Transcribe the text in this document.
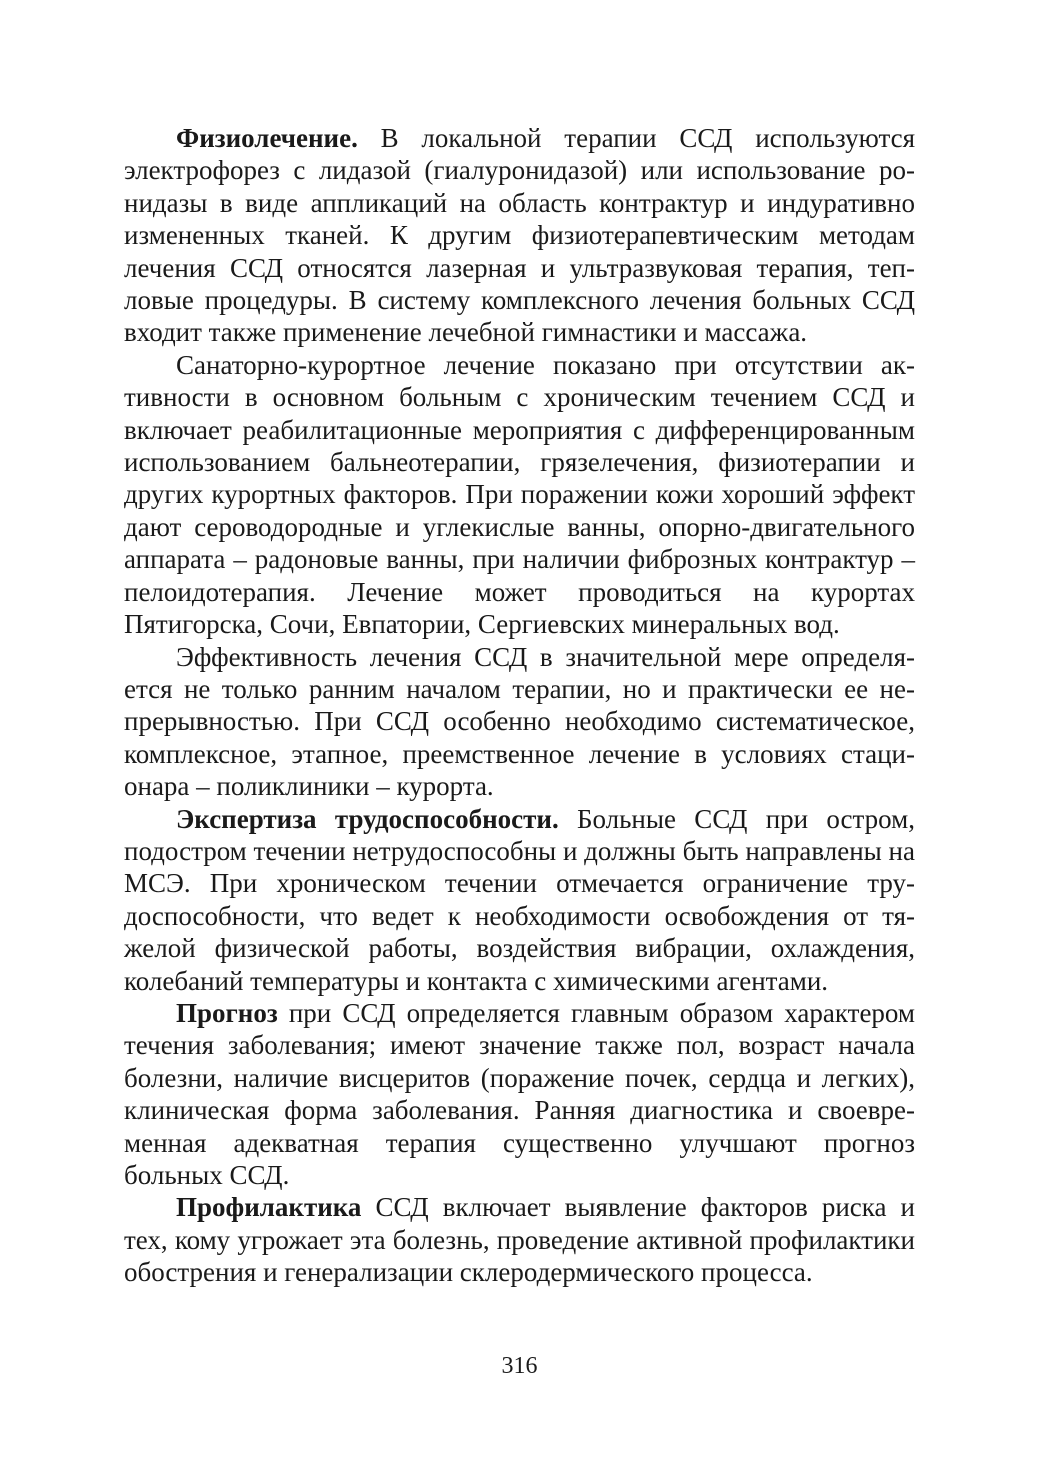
Физиолечение. В локальной терапии ССД используются электрофорез с лидазой (гиалуронидазой) или использование ронидазы в виде аппликаций на область контрактур и индуративно измененных тканей. К другим физиотерапевтическим методам лечения ССД относятся лазерная и ультразвуковая терапия, тепловые процедуры. В систему комплексного лечения больных ССД входит также применение лечебной гимнастики и массажа.

Санаторно-курортное лечение показано при отсутствии активности в основном больным с хроническим течением ССД и включает реабилитационные мероприятия с дифференцированным использованием бальнеотерапии, грязелечения, физиотерапии и других курортных факторов. При поражении кожи хороший эффект дают сероводородные и углекислые ванны, опорно-двигательного аппарата – радоновые ванны, при наличии фиброзных контрактур – пелоидотерапия. Лечение может проводиться на курортах Пятигорска, Сочи, Евпатории, Сергиевских минеральных вод.

Эффективность лечения ССД в значительной мере определяется не только ранним началом терапии, но и практически ее непрерывностью. При ССД особенно необходимо систематическое, комплексное, этапное, преемственное лечение в условиях стационара – поликлиники – курорта.

Экспертиза трудоспособности. Больные ССД при остром, подостром течении нетрудоспособны и должны быть направлены на МСЭ. При хроническом течении отмечается ограничение трудоспособности, что ведет к необходимости освобождения от тяжелой физической работы, воздействия вибрации, охлаждения, колебаний температуры и контакта с химическими агентами.

Прогноз при ССД определяется главным образом характером течения заболевания; имеют значение также пол, возраст начала болезни, наличие висцеритов (поражение почек, сердца и легких), клиническая форма заболевания. Ранняя диагностика и своевременная адекватная терапия существенно улучшают прогноз больных ССД.

Профилактика ССД включает выявление факторов риска и тех, кому угрожает эта болезнь, проведение активной профилактики обострения и генерализации склеродермического процесса.

316
